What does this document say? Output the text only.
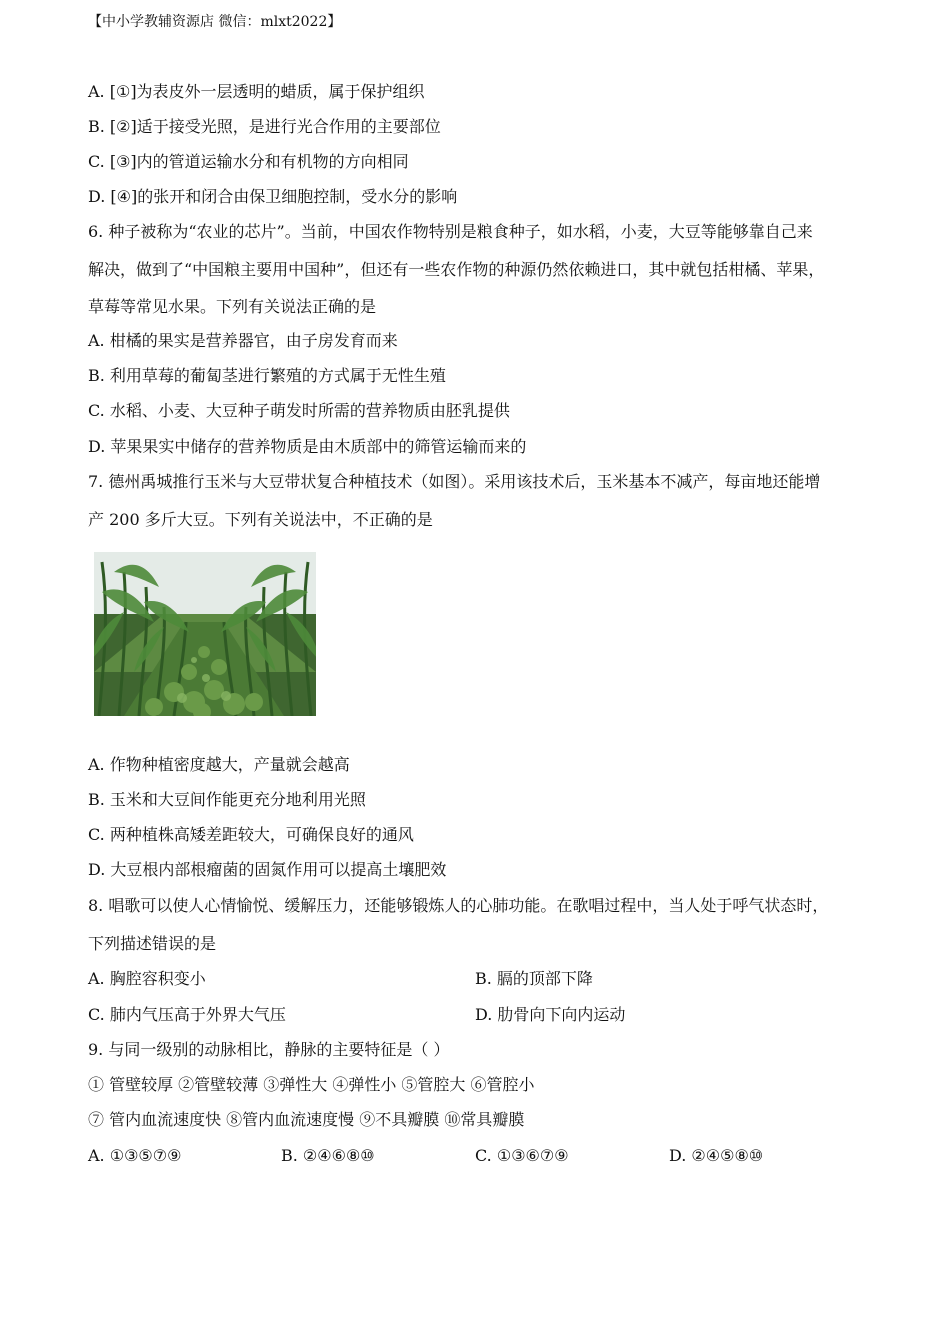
【中小学教辅资源店 微信：mlxt2022】
A. [①]为表皮外一层透明的蜡质，属于保护组织
B. [②]适于接受光照，是进行光合作用的主要部位
C. [③]内的管道运输水分和有机物的方向相同
D. [④]的张开和闭合由保卫细胞控制，受水分的影响
6. 种子被称为“农业的芯片”。当前，中国农作物特别是粮食种子，如水稻，小麦，大豆等能够靠自己来
解决，做到了“中国粮主要用中国种”，但还有一些农作物的种源仍然依赖进口，其中就包括柑橘、苹果，
草莓等常见水果。下列有关说法正确的是
A. 柑橘的果实是营养器官，由子房发育而来
B. 利用草莓的葡匐茎进行繁殖的方式属于无性生殖
C. 水稻、小麦、大豆种子萌发时所需的营养物质由胚乳提供
D. 苹果果实中储存的营养物质是由木质部中的筛管运输而来的
7. 德州禹城推行玉米与大豆带状复合种植技术（如图）。采用该技术后，玉米基本不减产，每亩地还能增
产 200 多斤大豆。下列有关说法中，不正确的是
A. 作物种植密度越大，产量就会越高
B. 玉米和大豆间作能更充分地利用光照
C. 两种植株高矮差距较大，可确保良好的通风
D. 大豆根内部根瘤菌的固氮作用可以提高土壤肥效
8. 唱歌可以使人心情愉悦、缓解压力，还能够锻炼人的心肺功能。在歌唱过程中，当人处于呼气状态时，
下列描述错误的是
A. 胸腔容积变小	B. 膈的顶部下降
C. 肺内气压高于外界大气压	D. 肋骨向下向内运动
9. 与同一级别的动脉相比，静脉的主要特征是（ ）
① 管壁较厚 ②管壁较薄 ③弹性大 ④弹性小 ⑤管腔大 ⑥管腔小
⑦ 管内血流速度快 ⑧管内血流速度慢 ⑨不具瓣膜 ⑩常具瓣膜
A. ①③⑤⑦⑨	B. ②④⑥⑧⑩	C. ①③⑥⑦⑨	D. ②④⑤⑧⑩
